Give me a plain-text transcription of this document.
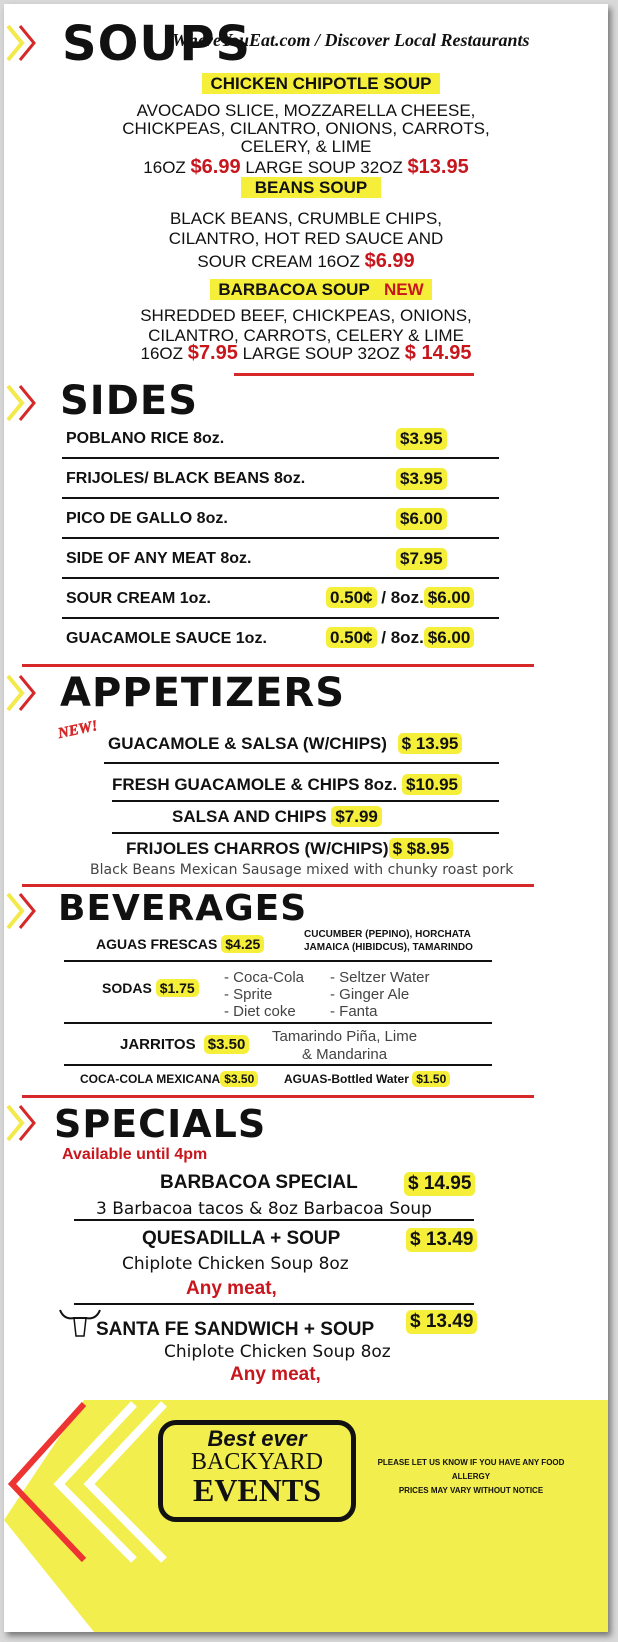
SOUPS
WhereYouEat.com / Discover Local Restaurants
CHICKEN CHIPOTLE SOUP
AVOCADO SLICE, MOZZARELLA CHEESE,
CHICKPEAS, CILANTRO, ONIONS, CARROTS,
CELERY, & LIME
16OZ $6.99 LARGE SOUP 32OZ $13.95
BEANS SOUP
BLACK BEANS, CRUMBLE CHIPS,
CILANTRO, HOT RED SAUCE AND
SOUR CREAM 16OZ $6.99
BARBACOA SOUP NEW
SHREDDED BEEF, CHICKPEAS, ONIONS,
CILANTRO, CARROTS, CELERY & LIME
16OZ $7.95 LARGE SOUP 32OZ $ 14.95
SIDES
POBLANO RICE 8oz.	$3.95
FRIJOLES/ BLACK BEANS 8oz.	$3.95
PICO DE GALLO 8oz.	$6.00
SIDE OF ANY MEAT 8oz.	$7.95
SOUR CREAM 1oz.	0.50¢ / 8oz. $6.00
GUACAMOLE SAUCE 1oz.	0.50¢ / 8oz. $6.00
APPETIZERS
NEW!
GUACAMOLE & SALSA (W/CHIPS) $ 13.95
FRESH GUACAMOLE & CHIPS 8oz. $10.95
SALSA AND CHIPS $7.99
FRIJOLES CHARROS (W/CHIPS) $ $8.95
Black Beans Mexican Sausage mixed with chunky roast pork
BEVERAGES
AGUAS FRESCAS $4.25
CUCUMBER (PEPINO), HORCHATA
JAMAICA (HIBIDCUS), TAMARINDO
SODAS $1.75
- Coca-Cola
- Sprite
- Diet coke
- Seltzer Water
- Ginger Ale
- Fanta
JARRITOS $3.50 Tamarindo Piña, Lime
& Mandarina
COCA-COLA MEXICANA $3.50	AGUAS-Bottled Water $1.50
SPECIALS
Available until 4pm
BARBACOA SPECIAL	$ 14.95
3 Barbacoa tacos & 8oz Barbacoa Soup
QUESADILLA + SOUP	$ 13.49
Chiplote Chicken Soup 8oz
Any meat,
SANTA FE SANDWICH + SOUP $ 13.49
Chiplote Chicken Soup 8oz
Any meat,
Best ever
BACKYARD
EVENTS
PLEASE LET US KNOW IF YOU HAVE ANY FOOD ALLERGY
PRICES MAY VARY WITHOUT NOTICE
